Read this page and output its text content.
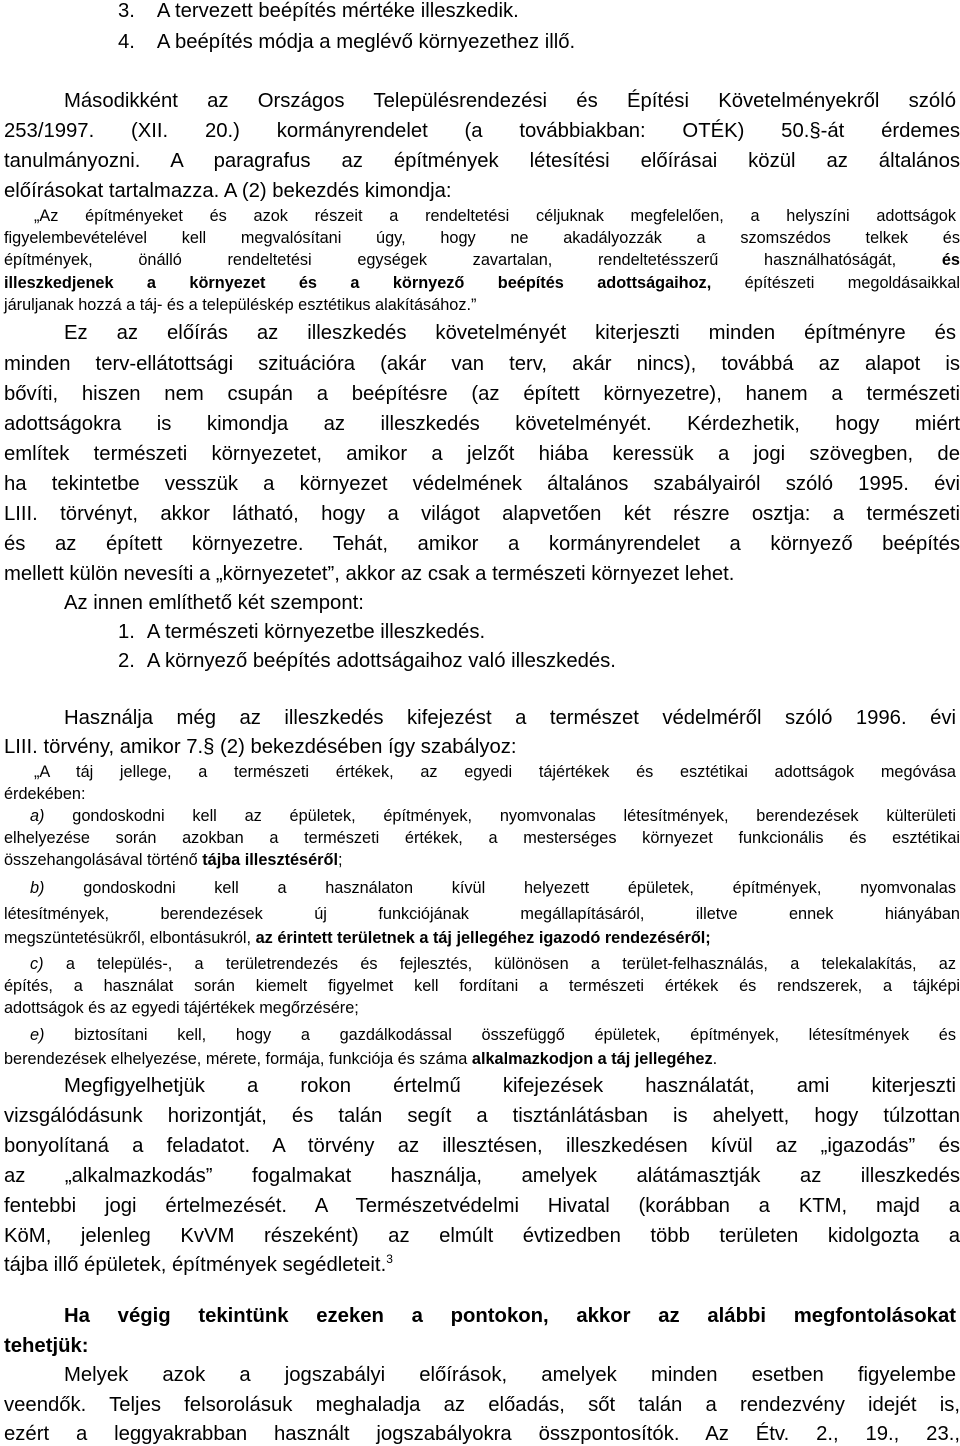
3. A tervezett beépítés mértéke illeszkedik.
4. A beépítés módja a meglévő környezethez illő.
Másodikként az Országos Településrendezési és Építési Követelményekről szóló
253/1997. (XII. 20.) kormányrendelet (a továbbiakban: OTÉK) 50.§-át érdemes
tanulmányozni. A paragrafus az építmények létesítési előírásai közül az általános
előírásokat tartalmazza. A (2) bekezdés kimondja:
„Az építményeket és azok részeit a rendeltetési céljuknak megfelelően, a helyszíni adottságok
figyelembevételével kell megvalósítani úgy, hogy ne akadályozzák a szomszédos telkek és
építmények, önálló rendeltetési egységek zavartalan, rendeltetésszerű használhatóságát,	és
illeszkedjenek a környezet és a környező beépítés adottságaihoz, építészeti megoldásaikkal
járuljanak hozzá a táj- és a településkép esztétikus alakításához.”
Ez az előírás az illeszkedés követelményét kiterjeszti minden építményre és
minden terv-ellátottsági szituációra (akár van terv, akár nincs), továbbá az alapot is
bővíti, hiszen nem csupán a beépítésre (az épített környezetre), hanem a természeti
adottságokra is kimondja az illeszkedés követelményét. Kérdezhetik, hogy miért
említek természeti környezetet, amikor a jelzőt hiába keressük a jogi szövegben, de
ha tekintetbe vesszük a környezet védelmének általános szabályairól szóló 1995. évi
LIII. törvényt, akkor látható, hogy a világot alapvetően két részre osztja: a természeti
és az épített környezetre. Tehát, amikor a kormányrendelet a környező beépítés
mellett külön nevesíti a „környezetet”, akkor az csak a természeti környezet lehet.
Az innen említhető két szempont:
1. A természeti környezetbe illeszkedés.
2. A környező beépítés adottságaihoz való illeszkedés.
Használja még az illeszkedés kifejezést a természet védelméről szóló 1996. évi
LIII. törvény, amikor 7.§ (2) bekezdésében így szabályoz:
„A táj jellege, a természeti értékek, az egyedi tájértékek és esztétikai adottságok megóvása
érdekében:
a) gondoskodni kell az épületek, építmények, nyomvonalas létesítmények, berendezések külterületi
elhelyezése során azokban a természeti értékek, a mesterséges környezet funkcionális és esztétikai
összehangolásával történő tájba illesztéséről;
b) gondoskodni kell a használaton kívül helyezett épületek, építmények, nyomvonalas
létesítmények, berendezések új funkciójának megállapításáról, illetve ennek hiányában
megszüntetésükről, elbontásukról, az érintett területnek a táj jellegéhez igazodó rendezéséről;
c) a település-, a területrendezés és fejlesztés, különösen a terület-felhasználás, a telekalakítás, az
építés, a használat során kiemelt figyelmet kell fordítani a természeti értékek és rendszerek, a tájképi
adottságok és az egyedi tájértékek megőrzésére;
e) biztosítani kell, hogy a gazdálkodással összefüggő épületek, építmények, létesítmények és
berendezések elhelyezése, mérete, formája, funkciója és száma alkalmazkodjon a táj jellegéhez.
Megfigyelhetjük a rokon értelmű kifejezések használatát, ami kiterjeszti
vizsgálódásunk horizontját, és talán segít a tisztánlátásban is ahelyett, hogy túlzottan
bonyolítaná a feladatot. A törvény az illesztésen, illeszkedésen kívül az „igazodás” és
az „alkalmazkodás” fogalmakat használja, amelyek alátámasztják az illeszkedés
fentebbi jogi értelmezését. A Természetvédelmi Hivatal (korábban a KTM, majd a
KöM, jelenleg KvVM részeként) az elmúlt évtizedben több területen kidolgozta a
tájba illő épületek, építmények segédleteit.$^3$
Ha végig tekintünk ezeken a pontokon, akkor az alábbi megfontolásokat
tehetjük:
Melyek azok a jogszabályi előírások, amelyek minden esetben figyelembe
veendők. Teljes felsorolásuk meghaladja az előadás, sőt talán a rendezvény idejét is,
ezért a leggyakrabban használt jogszabályokra összpontosítók. Az Étv. 2., 19., 23.,
